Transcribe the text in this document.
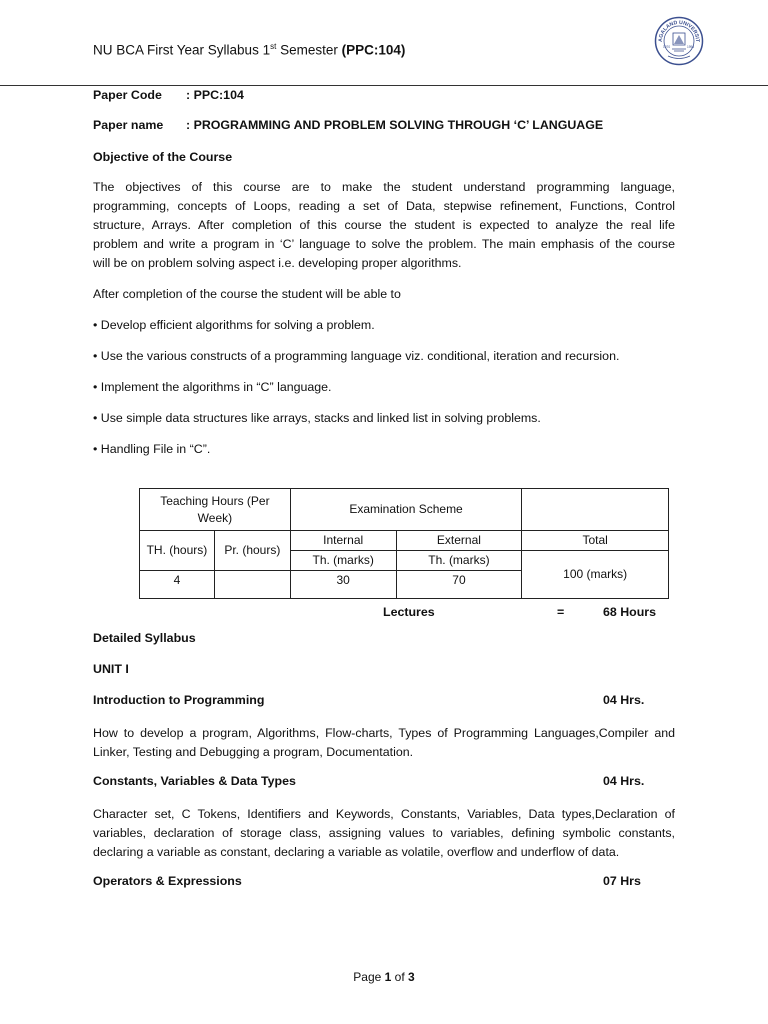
NU BCA First Year Syllabus 1st Semester (PPC:104)
AGALAND UNIVERSIT
1970	1994
Paper Code : PPC:104
Paper name : PROGRAMMING AND PROBLEM SOLVING THROUGH ‘C’ LANGUAGE
Objective of the Course
The objectives of this course are to make the student understand programming language,
programming, concepts of Loops, reading a set of Data, stepwise refinement, Functions, Control
structure, Arrays. After completion of this course the student is expected to analyze the real life
problem and write a program in ‘C’ language to solve the problem. The main emphasis of the course
will be on problem solving aspect i.e. developing proper algorithms.
After completion of the course the student will be able to
• Develop efficient algorithms for solving a problem.
• Use the various constructs of a programming language viz. conditional, iteration and recursion.
• Implement the algorithms in “C” language.
• Use simple data structures like arrays, stacks and linked list in solving problems.
• Handling File in “C”.
Teaching Hours (Per Week)		Examination Scheme		
TH. (hours)	Pr. (hours)	Internal	External	Total
		Th. (marks)	Th. (marks)	100 (marks)
4		30	70	
Lectures	=	68 Hours
Detailed Syllabus
UNIT I
Introduction to Programming	04 Hrs.
How to develop a program, Algorithms, Flow-charts, Types of Programming Languages,Compiler and
Linker, Testing and Debugging a program, Documentation.
Constants, Variables & Data Types	04 Hrs.
Character set, C Tokens, Identifiers and Keywords, Constants, Variables, Data types,Declaration of
variables, declaration of storage class, assigning values to variables, defining symbolic constants,
declaring a variable as constant, declaring a variable as volatile, overflow and underflow of data.
Operators & Expressions	07 Hrs
Page 1 of 3
